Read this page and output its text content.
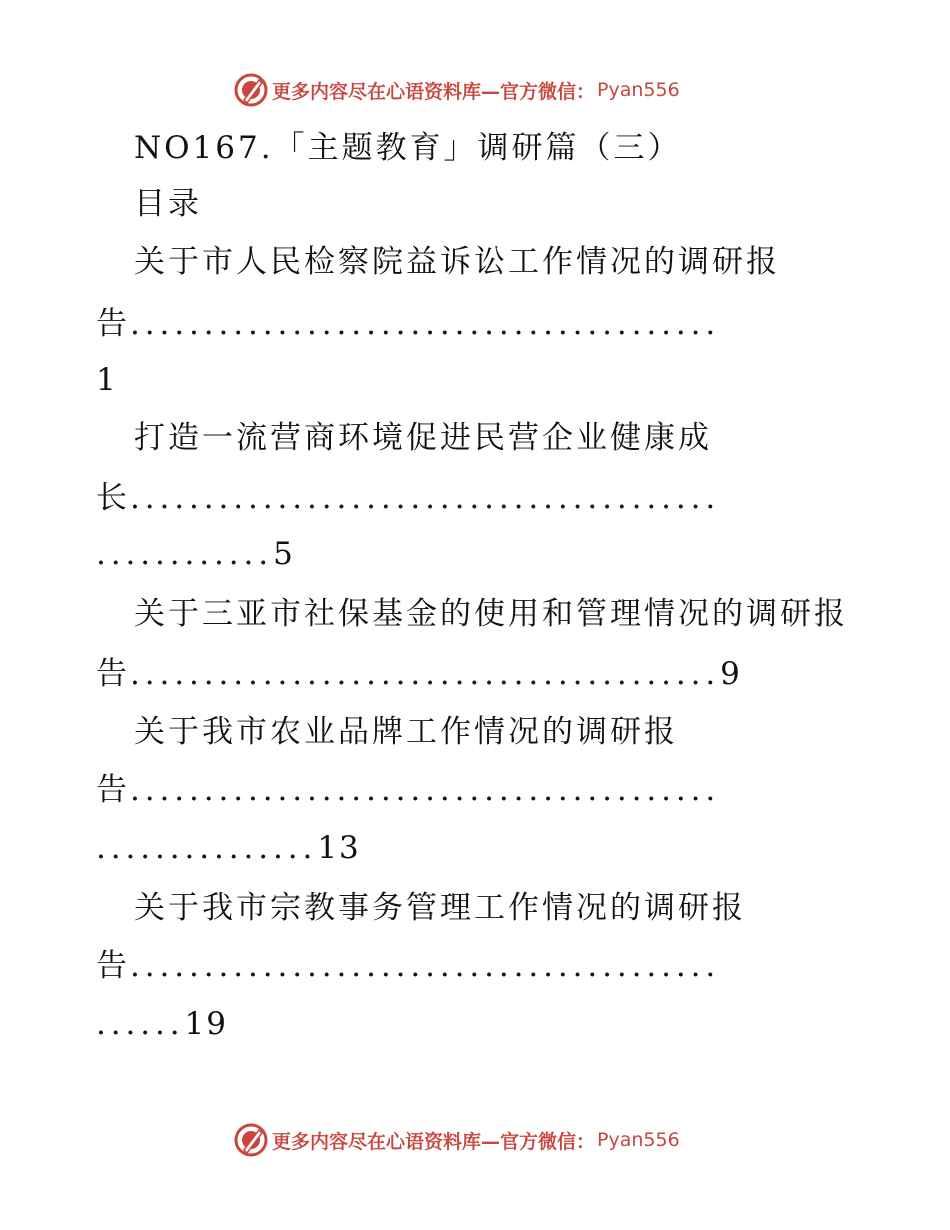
更多内容尽在心语资料库—官方微信： Pyan556
NO167.「主题教育」调研篇（三）
目录
关于市人民检察院益诉讼工作情况的调研报
告........................................
1
打造一流营商环境促进民营企业健康成
长........................................
............5
关于三亚市社保基金的使用和管理情况的调研报
告........................................9
关于我市农业品牌工作情况的调研报
告........................................
...............13
关于我市宗教事务管理工作情况的调研报
告........................................
......19
更多内容尽在心语资料库—官方微信： Pyan556
